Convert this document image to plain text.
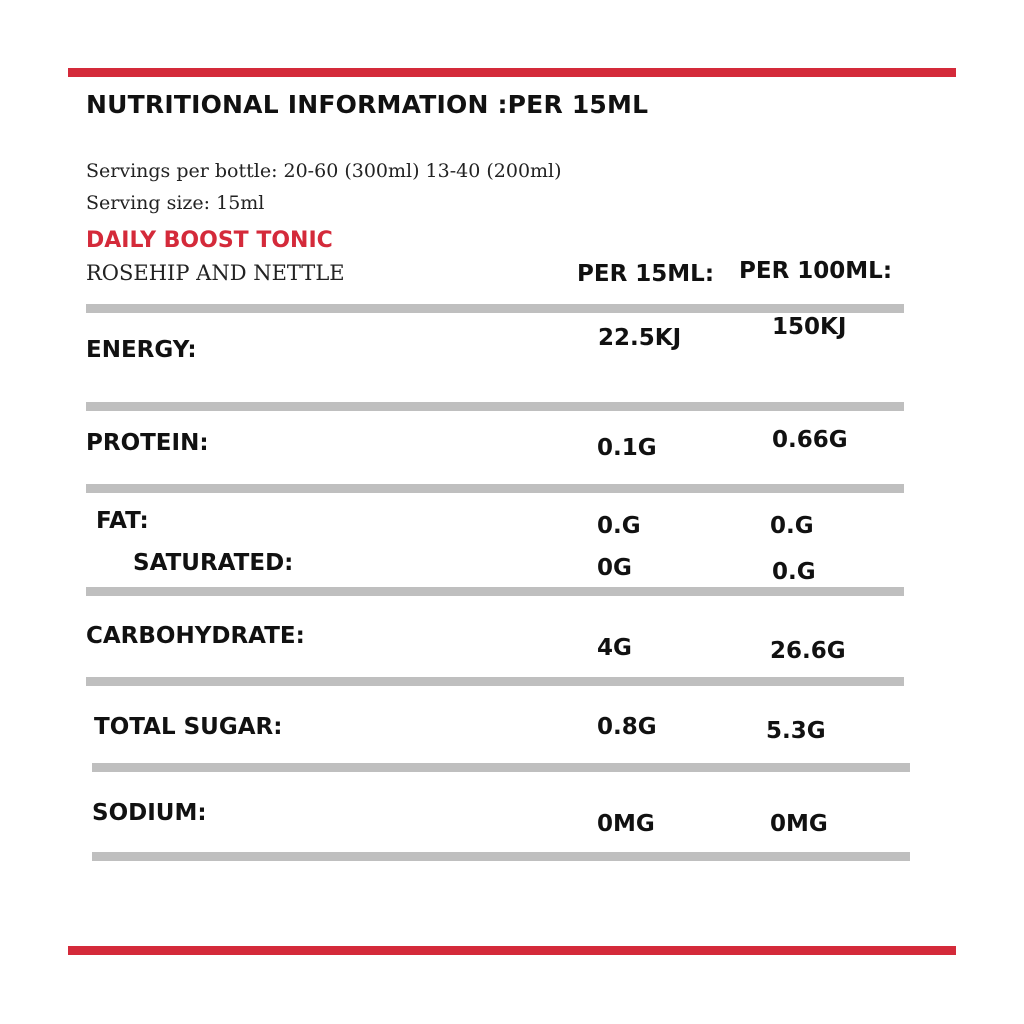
NUTRITIONAL INFORMATION :PER 15ML
Servings per bottle: 20-60 (300ml) 13-40 (200ml)
Serving size: 15ml
DAILY BOOST TONIC
ROSEHIP AND NETTLE	PER 15ML: PER 100ML:
ENERGY:	22.5KJ	150KJ
PROTEIN:	0.1G	0.66G
FAT:	0.G	0.G
SATURATED:	0G	0.G
CARBOHYDRATE:	4G	26.6G
TOTAL SUGAR:	0.8G	5.3G
SODIUM:	0MG	0MG
